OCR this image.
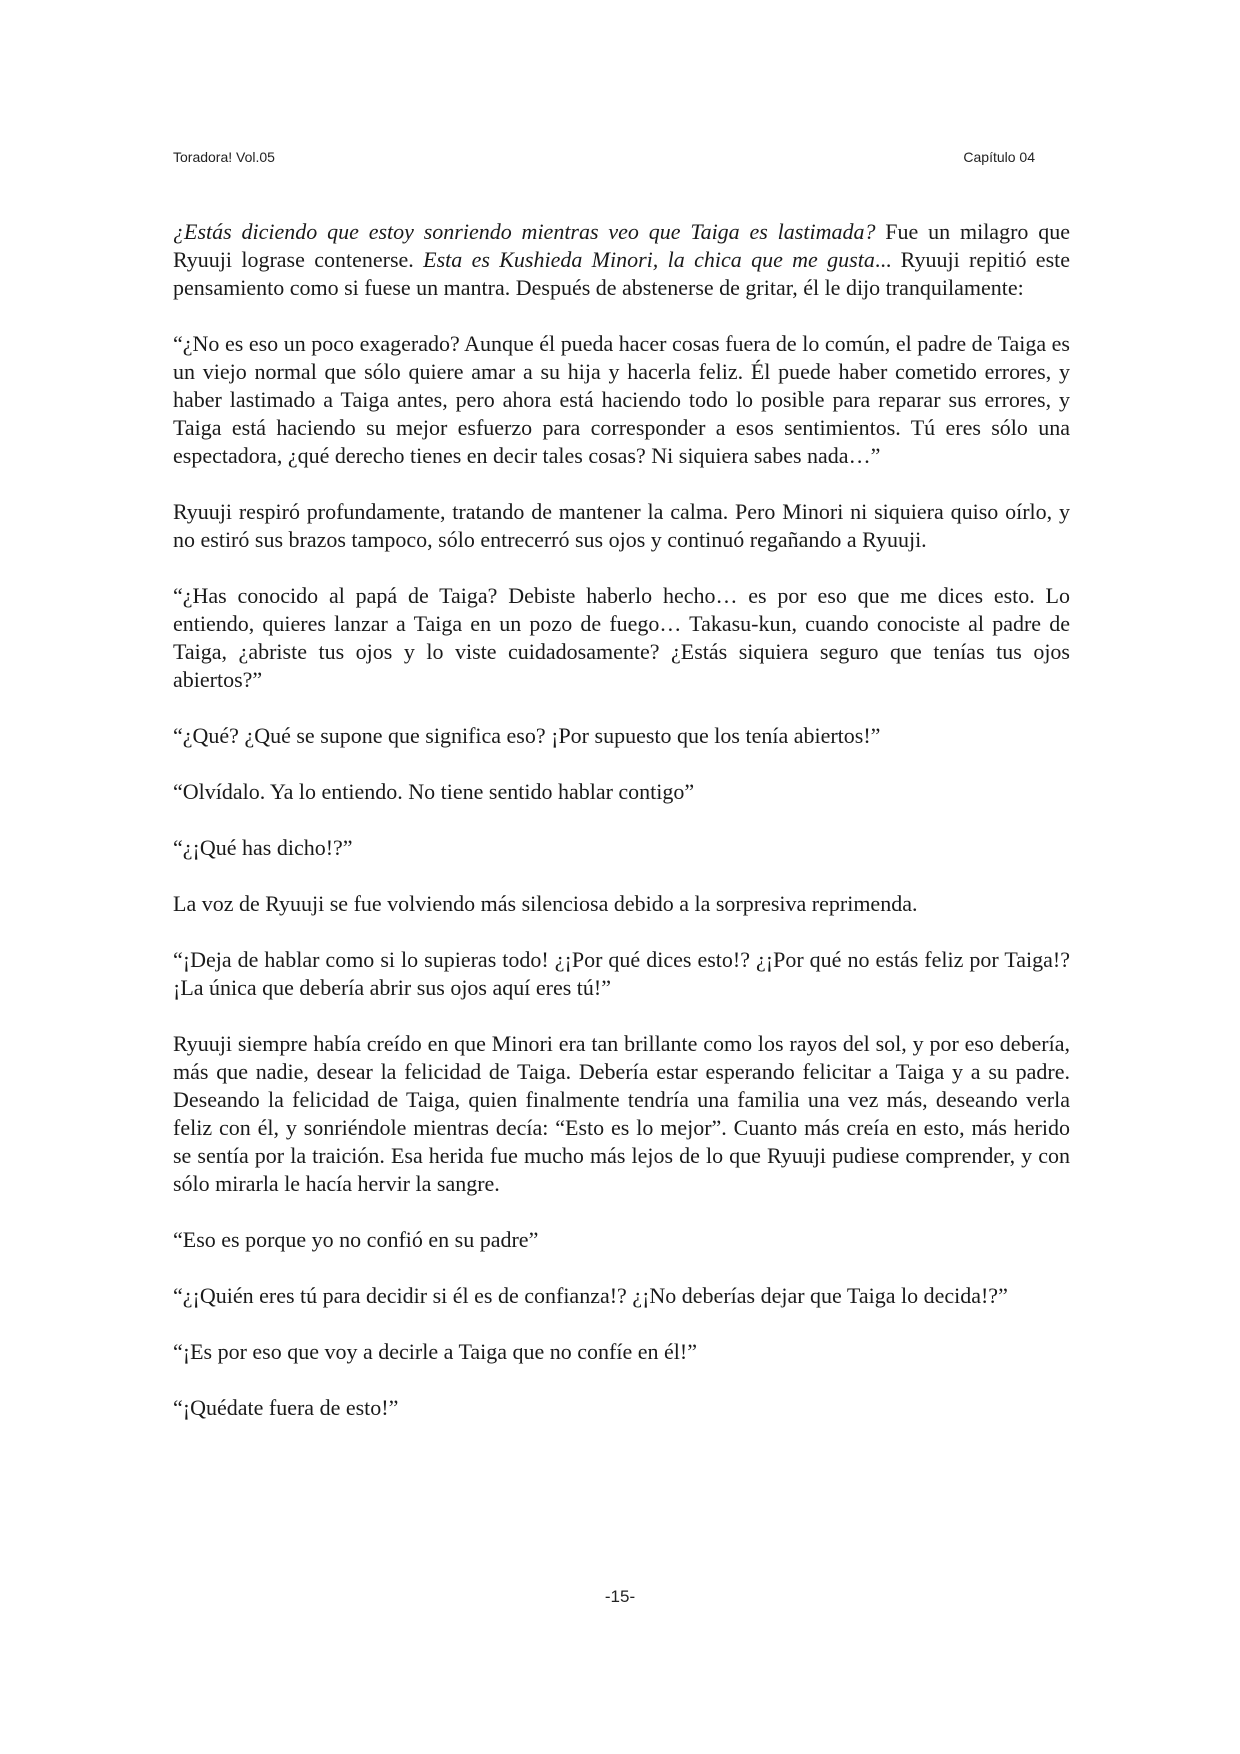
Toradora! Vol.05	Capítulo 04

¿Estás diciendo que estoy sonriendo mientras veo que Taiga es lastimada? Fue un milagro que Ryuuji lograse contenerse. Esta es Kushieda Minori, la chica que me gusta... Ryuuji repitió este pensamiento como si fuese un mantra. Después de abstenerse de gritar, él le dijo tranquilamente:

“¿No es eso un poco exagerado? Aunque él pueda hacer cosas fuera de lo común, el padre de Taiga es un viejo normal que sólo quiere amar a su hija y hacerla feliz. Él puede haber cometido errores, y haber lastimado a Taiga antes, pero ahora está haciendo todo lo posible para reparar sus errores, y Taiga está haciendo su mejor esfuerzo para corresponder a esos sentimientos. Tú eres sólo una espectadora, ¿qué derecho tienes en decir tales cosas? Ni siquiera sabes nada…”

Ryuuji respiró profundamente, tratando de mantener la calma. Pero Minori ni siquiera quiso oírlo, y no estiró sus brazos tampoco, sólo entrecerró sus ojos y continuó regañando a Ryuuji.

“¿Has conocido al papá de Taiga? Debiste haberlo hecho… es por eso que me dices esto. Lo entiendo, quieres lanzar a Taiga en un pozo de fuego… Takasu-kun, cuando conociste al padre de Taiga, ¿abriste tus ojos y lo viste cuidadosamente? ¿Estás siquiera seguro que tenías tus ojos abiertos?”

“¿Qué? ¿Qué se supone que significa eso? ¡Por supuesto que los tenía abiertos!”

“Olvídalo. Ya lo entiendo. No tiene sentido hablar contigo”

“¿¡Qué has dicho!?”

La voz de Ryuuji se fue volviendo más silenciosa debido a la sorpresiva reprimenda.

“¡Deja de hablar como si lo supieras todo! ¿¡Por qué dices esto!? ¿¡Por qué no estás feliz por Taiga!? ¡La única que debería abrir sus ojos aquí eres tú!”

Ryuuji siempre había creído en que Minori era tan brillante como los rayos del sol, y por eso debería, más que nadie, desear la felicidad de Taiga. Debería estar esperando felicitar a Taiga y a su padre. Deseando la felicidad de Taiga, quien finalmente tendría una familia una vez más, deseando verla feliz con él, y sonriéndole mientras decía: “Esto es lo mejor”. Cuanto más creía en esto, más herido se sentía por la traición. Esa herida fue mucho más lejos de lo que Ryuuji pudiese comprender, y con sólo mirarla le hacía hervir la sangre.

“Eso es porque yo no confió en su padre”

“¿¡Quién eres tú para decidir si él es de confianza!? ¿¡No deberías dejar que Taiga lo decida!?”

“¡Es por eso que voy a decirle a Taiga que no confíe en él!”

“¡Quédate fuera de esto!”

-15-
